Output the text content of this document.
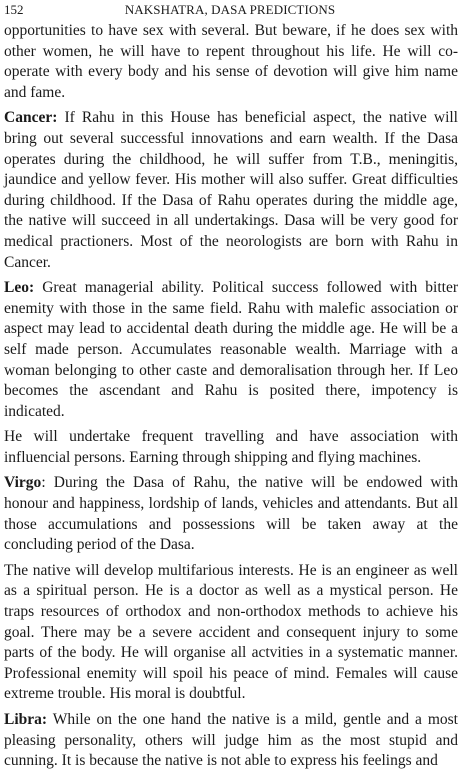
152	NAKSHATRA, DASA PREDICTIONS

opportunities to have sex with several. But beware, if he does sex with other women, he will have to repent throughout his life. He will co-operate with every body and his sense of devotion will give him name and fame.

Cancer: If Rahu in this House has beneficial aspect, the native will bring out several successful innovations and earn wealth. If the Dasa operates during the childhood, he will suffer from T.B., meningitis, jaundice and yellow fever. His mother will also suffer. Great difficulties during childhood. If the Dasa of Rahu operates during the middle age, the native will succeed in all undertakings. Dasa will be very good for medical practioners. Most of the neorologists are born with Rahu in Cancer.

Leo: Great managerial ability. Political success followed with bitter enemity with those in the same field. Rahu with malefic association or aspect may lead to accidental death during the middle age. He will be a self made person. Accumulates reasonable wealth. Marriage with a woman belonging to other caste and demoralisation through her. If Leo becomes the ascendant and Rahu is posited there, impotency is indicated.

He will undertake frequent travelling and have association with influencial persons. Earning through shipping and flying machines.

Virgo: During the Dasa of Rahu, the native will be endowed with honour and happiness, lordship of lands, vehicles and attendants. But all those accumulations and possessions will be taken away at the concluding period of the Dasa.

The native will develop multifarious interests. He is an engineer as well as a spiritual person. He is a doctor as well as a mystical person. He traps resources of orthodox and non-orthodox methods to achieve his goal. There may be a severe accident and consequent injury to some parts of the body. He will organise all actvities in a systematic manner. Professional enemity will spoil his peace of mind. Females will cause extreme trouble. His moral is doubtful.

Libra: While on the one hand the native is a mild, gentle and a most pleasing personality, others will judge him as the most stupid and cunning. It is because the native is not able to express his feelings and
